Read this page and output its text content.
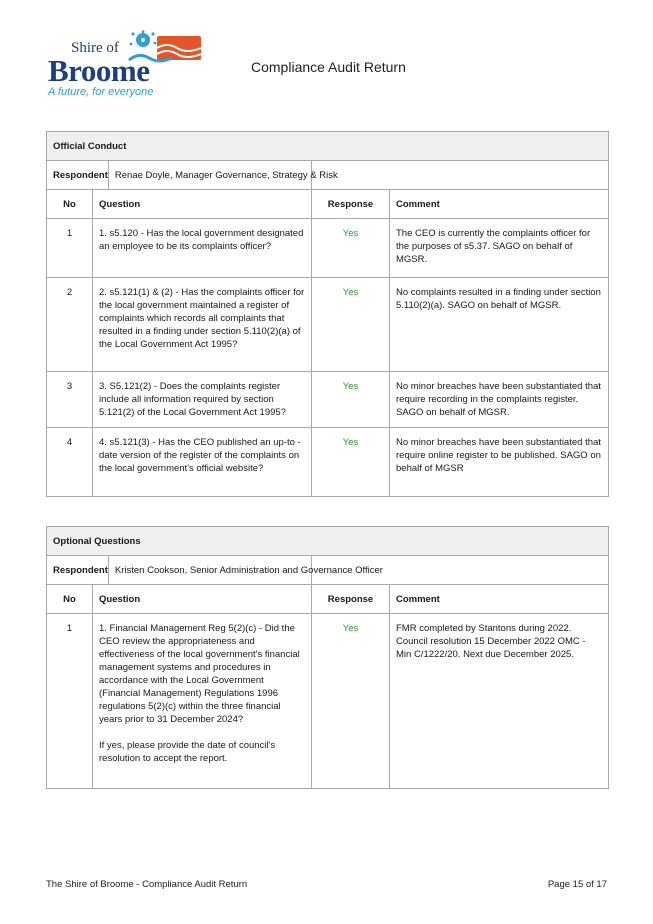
Shire of
Broome
A future, for everyone
Compliance Audit Return
Official Conduct			

Respondent Renae Doyle, Manager Governance, Strategy & Risk			

No	Question	Response	Comment
1	1. s5.120 - Has the local government designated an employee to be its complaints officer?	Yes	The CEO is currently the complaints officer for the purposes of s5.37. SAGO on behalf of MGSR.
2	2. s5.121(1) & (2) - Has the complaints officer for the local government maintained a register of complaints which records all complaints that resulted in a finding under section 5.110(2)(a) of the Local Government Act 1995?	Yes	No complaints resulted in a finding under section 5.110(2)(a). SAGO on behalf of MGSR.
3	3. S5.121(2) - Does the complaints register include all information required by section 5.121(2) of the Local Government Act 1995?	Yes	No minor breaches have been substantiated that require recording in the complaints register. SAGO on behalf of MGSR.
4	4. s5.121(3) - Has the CEO published an up-to -date version of the register of the complaints on the local government's official website?	Yes	No minor breaches have been substantiated that require online register to be published. SAGO on behalf of MGSR
Optional Questions			

Respondent Kristen Cookson, Senior Administration and Governance Officer			

No	Question	Response	Comment
1	1. Financial Management Reg 5(2)(c) - Did the CEO review the appropriateness and effectiveness of the local government's financial management systems and procedures in accordance with the Local Government (Financial Management) Regulations 1996 regulations 5(2)(c) within the three financial years prior to 31 December 2024?
If yes, please provide the date of council's resolution to accept the report.	Yes	FMR completed by Stantons during 2022. Council resolution 15 December 2022 OMC - Min C/1222/20. Next due December 2025.
The Shire of Broome - Compliance Audit Return	Page 15 of 17
